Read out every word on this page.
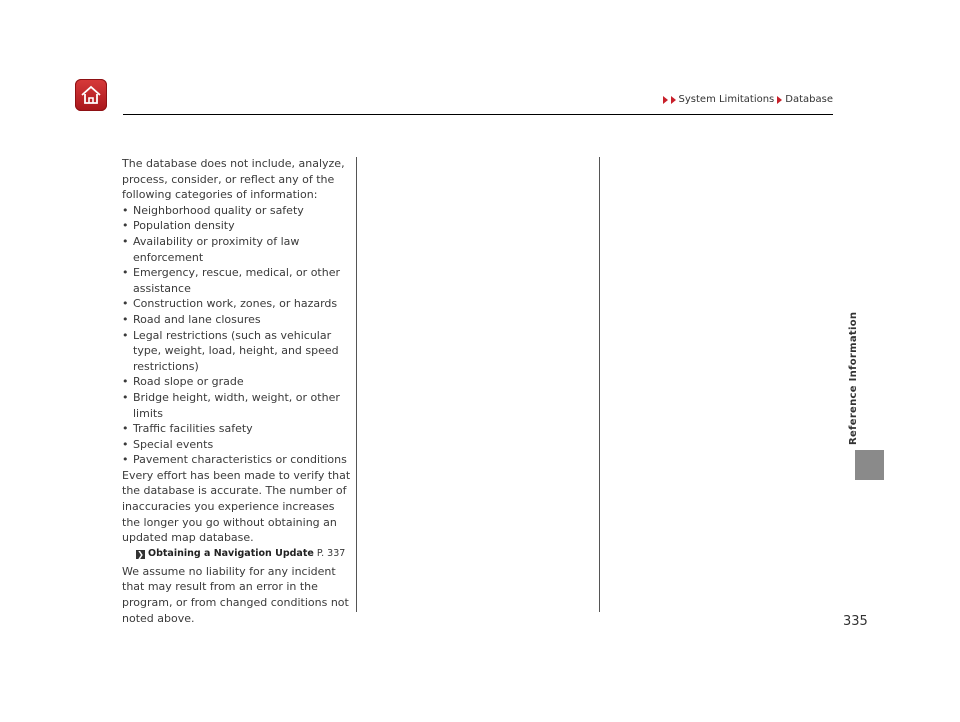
System Limitations Database

The database does not include, analyze, process, consider, or reflect any of the following categories of information:

• Neighborhood quality or safety
• Population density
• Availability or proximity of law enforcement
• Emergency, rescue, medical, or other assistance
• Construction work, zones, or hazards
• Road and lane closures
• Legal restrictions (such as vehicular type, weight, load, height, and speed restrictions)
• Road slope or grade
• Bridge height, width, weight, or other limits
• Traffic facilities safety
• Special events
• Pavement characteristics or conditions

Every effort has been made to verify that the database is accurate. The number of inaccuracies you experience increases the longer you go without obtaining an updated map database.

❯ Obtaining a Navigation Update P. 337

We assume no liability for any incident that may result from an error in the program, or from changed conditions not noted above.

Reference Information
335
